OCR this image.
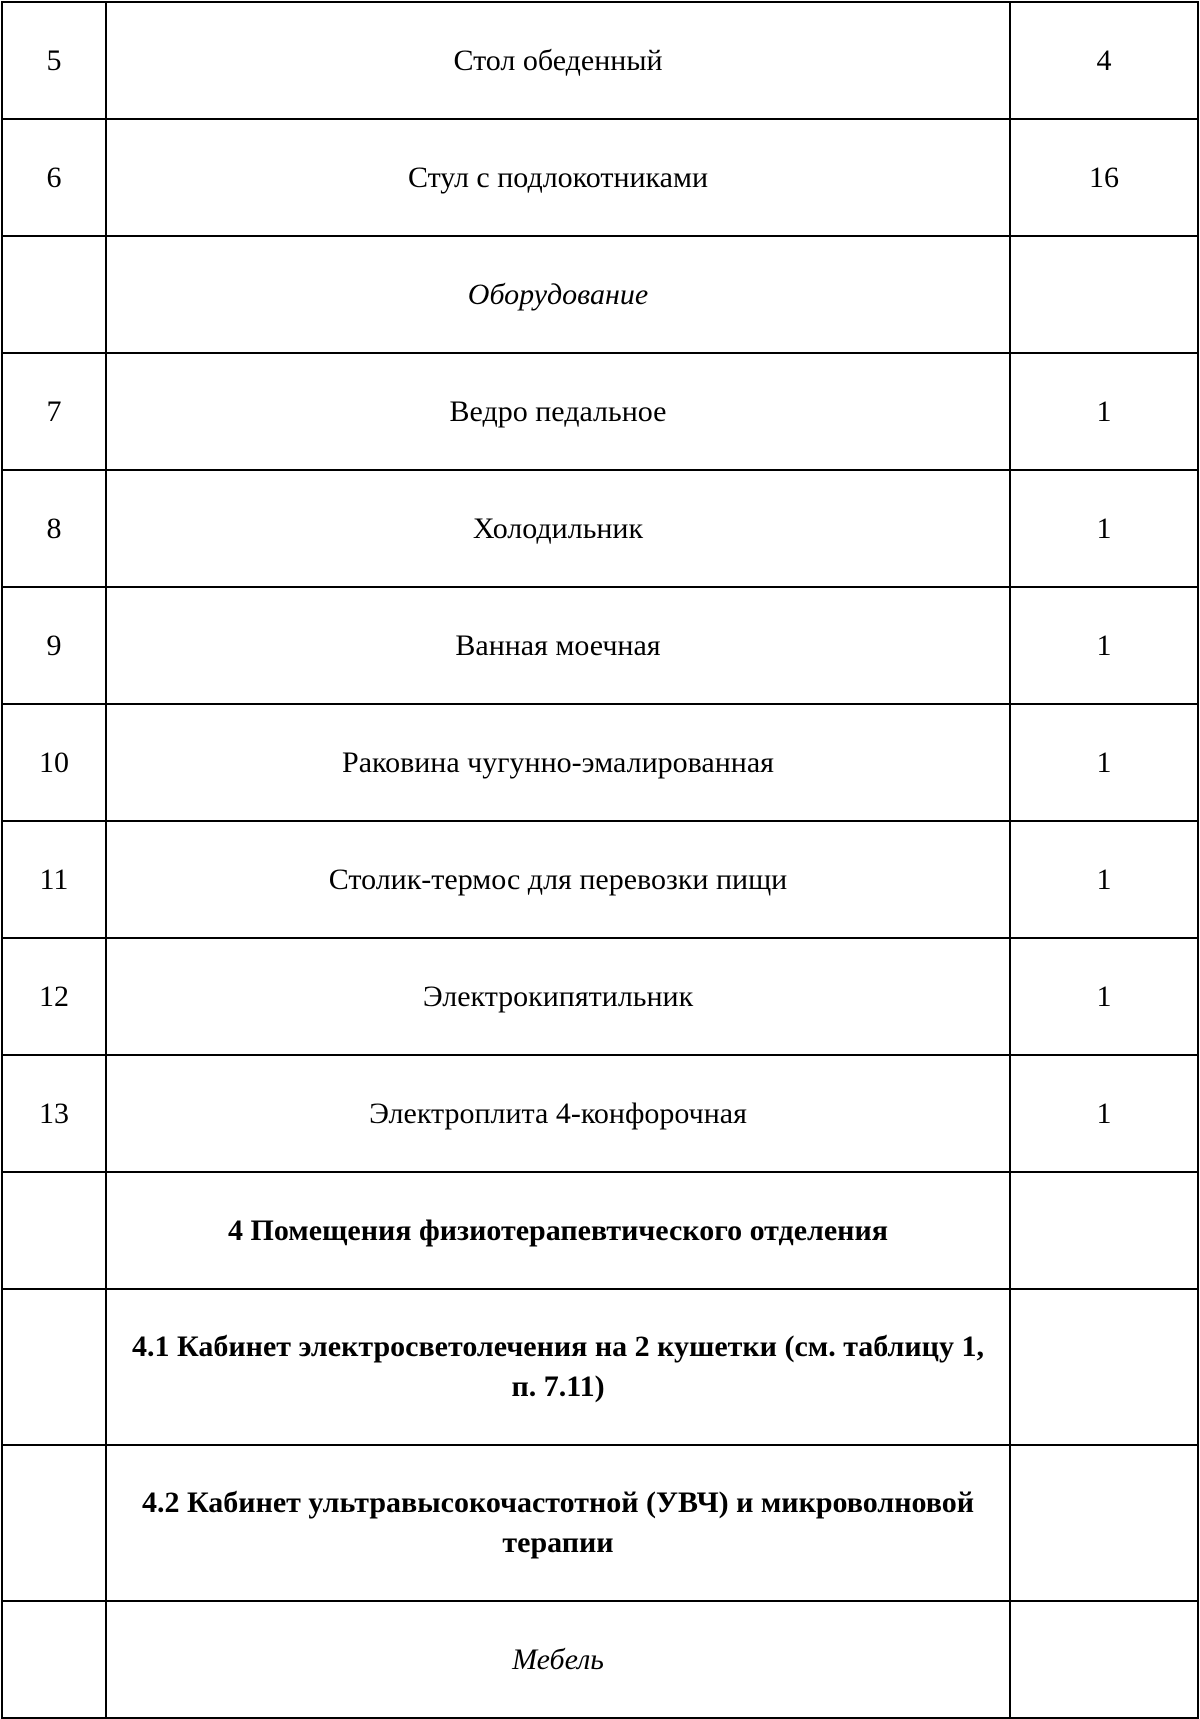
5	Стол обеденный	4
6	Стул с подлокотниками	16
	Оборудование	
7	Ведро педальное	1
8	Холодильник	1
9	Ванная моечная	1
10	Раковина чугунно-эмалированная	1
11	Столик-термос для перевозки пищи	1
12	Электрокипятильник	1
13	Электроплита 4-конфорочная	1
	4 Помещения физиотерапевтического отделения	
	4.1 Кабинет электросветолечения на 2 кушетки (см. таблицу 1, п. 7.11)	
	4.2 Кабинет ультравысокочастотной (УВЧ) и микроволновой терапии	
	Мебель	
